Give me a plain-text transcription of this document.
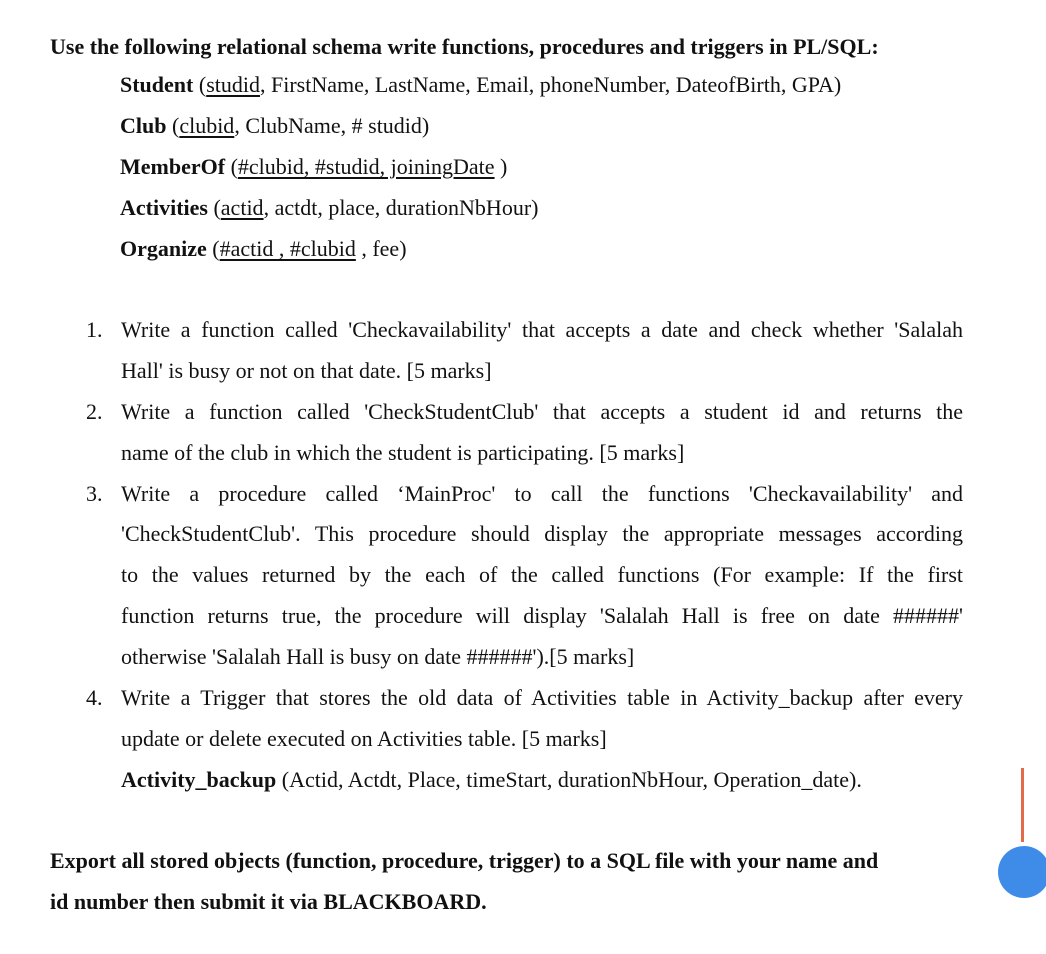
Use the following relational schema write functions, procedures and triggers in PL/SQL:
Student (studid, FirstName, LastName, Email, phoneNumber, DateofBirth, GPA)
Club (clubid, ClubName, # studid)
MemberOf (#clubid, #studid, joiningDate )
Activities (actid, actdt, place, durationNbHour)
Organize (#actid , #clubid , fee)
1. Write a function called 'Checkavailability' that accepts a date and check whether 'Salalah
Hall' is busy or not on that date. [5 marks]
2. Write a function called 'CheckStudentClub' that accepts a student id and returns the
name of the club in which the student is participating. [5 marks]
3. Write a procedure called ‘MainProc' to call the functions 'Checkavailability' and
'CheckStudentClub'. This procedure should display the appropriate messages according
to the values returned by the each of the called functions (For example: If the first
function returns true, the procedure will display 'Salalah Hall is free on date ######'
otherwise 'Salalah Hall is busy on date ######').[5 marks]
4. Write a Trigger that stores the old data of Activities table in Activity_backup after every
update or delete executed on Activities table. [5 marks]
Activity_backup (Actid, Actdt, Place, timeStart, durationNbHour, Operation_date).
Export all stored objects (function, procedure, trigger) to a SQL file with your name and
id number then submit it via BLACKBOARD.
